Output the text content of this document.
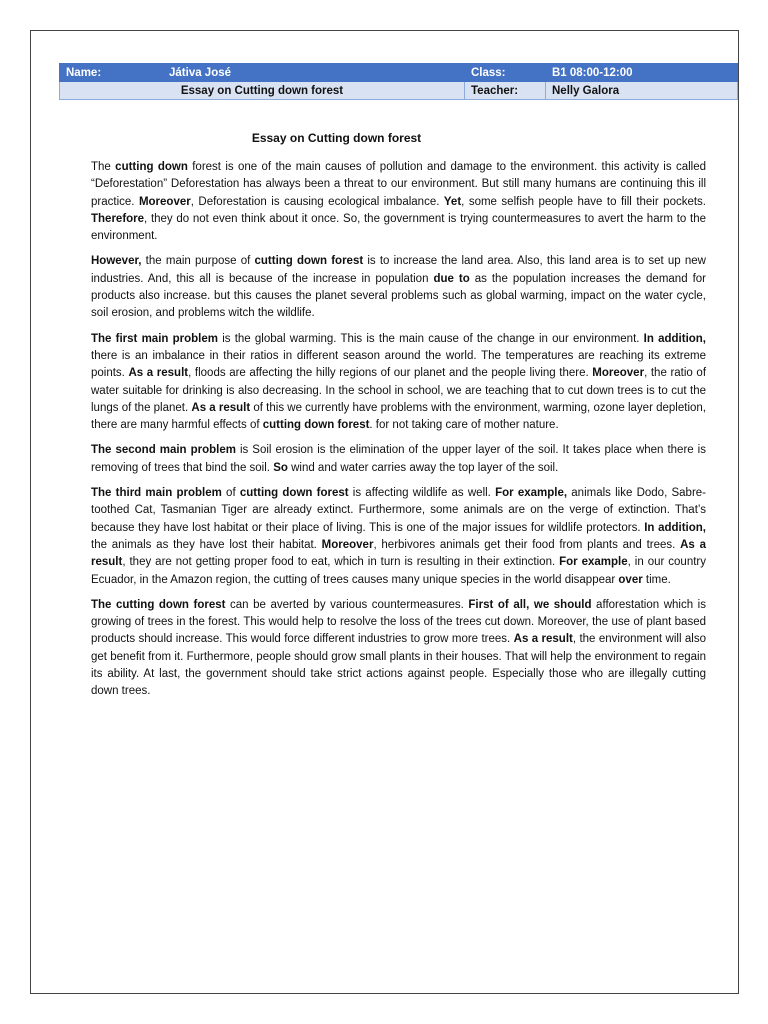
Name:	Játiva José	Class:	B1 08:00-12:00
Essay on Cutting down forest		Teacher:	Nelly Galora
Essay on Cutting down forest

The cutting down forest is one of the main causes of pollution and damage to the environment. this activity is called “Deforestation” Deforestation has always been a threat to our environment. But still many humans are continuing this ill practice. Moreover, Deforestation is causing ecological imbalance. Yet, some selfish people have to fill their pockets. Therefore, they do not even think about it once. So, the government is trying countermeasures to avert the harm to the environment.

However, the main purpose of cutting down forest is to increase the land area. Also, this land area is to set up new industries. And, this all is because of the increase in population due to as the population increases the demand for products also increase. but this causes the planet several problems such as global warming, impact on the water cycle, soil erosion, and problems witch the wildlife.

The first main problem is the global warming. This is the main cause of the change in our environment. In addition, there is an imbalance in their ratios in different season around the world. The temperatures are reaching its extreme points. As a result, floods are affecting the hilly regions of our planet and the people living there. Moreover, the ratio of water suitable for drinking is also decreasing. In the school in school, we are teaching that to cut down trees is to cut the lungs of the planet. As a result of this we currently have problems with the environment, warming, ozone layer depletion, there are many harmful effects of cutting down forest. for not taking care of mother nature.

The second main problem is Soil erosion is the elimination of the upper layer of the soil. It takes place when there is removing of trees that bind the soil. So wind and water carries away the top layer of the soil.

The third main problem of cutting down forest is affecting wildlife as well. For example, animals like Dodo, Sabre-toothed Cat, Tasmanian Tiger are already extinct. Furthermore, some animals are on the verge of extinction. That’s because they have lost habitat or their place of living. This is one of the major issues for wildlife protectors. In addition, the animals as they have lost their habitat. Moreover, herbivores animals get their food from plants and trees. As a result, they are not getting proper food to eat, which in turn is resulting in their extinction. For example, in our country Ecuador, in the Amazon region, the cutting of trees causes many unique species in the world disappear over time.

The cutting down forest can be averted by various countermeasures. First of all, we should afforestation which is growing of trees in the forest. This would help to resolve the loss of the trees cut down. Moreover, the use of plant based products should increase. This would force different industries to grow more trees. As a result, the environment will also get benefit from it. Furthermore, people should grow small plants in their houses. That will help the environment to regain its ability. At last, the government should take strict actions against people. Especially those who are illegally cutting down trees.
